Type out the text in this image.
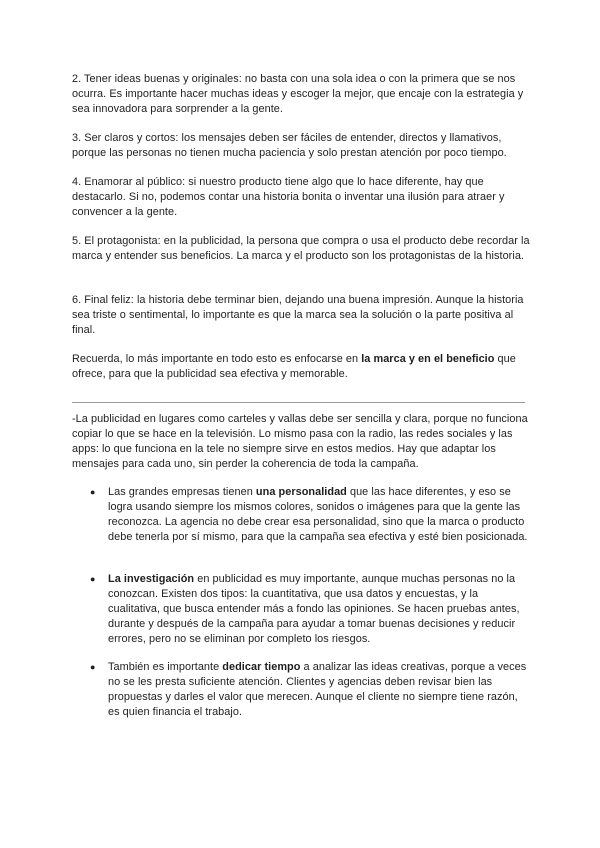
2. Tener ideas buenas y originales: no basta con una sola idea o con la primera que se nos ocurra. Es importante hacer muchas ideas y escoger la mejor, que encaje con la estrategia y sea innovadora para sorprender a la gente.

3. Ser claros y cortos: los mensajes deben ser fáciles de entender, directos y llamativos, porque las personas no tienen mucha paciencia y solo prestan atención por poco tiempo.

4. Enamorar al público: si nuestro producto tiene algo que lo hace diferente, hay que destacarlo. Si no, podemos contar una historia bonita o inventar una ilusión para atraer y convencer a la gente.

5. El protagonista: en la publicidad, la persona que compra o usa el producto debe recordar la marca y entender sus beneficios. La marca y el producto son los protagonistas de la historia.

6. Final feliz: la historia debe terminar bien, dejando una buena impresión. Aunque la historia sea triste o sentimental, lo importante es que la marca sea la solución o la parte positiva al final.

Recuerda, lo más importante en todo esto es enfocarse en la marca y en el beneficio que ofrece, para que la publicidad sea efectiva y memorable.

-La publicidad en lugares como carteles y vallas debe ser sencilla y clara, porque no funciona copiar lo que se hace en la televisión. Lo mismo pasa con la radio, las redes sociales y las apps: lo que funciona en la tele no siempre sirve en estos medios. Hay que adaptar los mensajes para cada uno, sin perder la coherencia de toda la campaña.

● Las grandes empresas tienen una personalidad que las hace diferentes, y eso se logra usando siempre los mismos colores, sonidos o imágenes para que la gente las reconozca. La agencia no debe crear esa personalidad, sino que la marca o producto debe tenerla por sí mismo, para que la campaña sea efectiva y esté bien posicionada.

● La investigación en publicidad es muy importante, aunque muchas personas no la conozcan. Existen dos tipos: la cuantitativa, que usa datos y encuestas, y la cualitativa, que busca entender más a fondo las opiniones. Se hacen pruebas antes, durante y después de la campaña para ayudar a tomar buenas decisiones y reducir errores, pero no se eliminan por completo los riesgos.

● También es importante dedicar tiempo a analizar las ideas creativas, porque a veces no se les presta suficiente atención. Clientes y agencias deben revisar bien las propuestas y darles el valor que merecen. Aunque el cliente no siempre tiene razón, es quien financia el trabajo.
